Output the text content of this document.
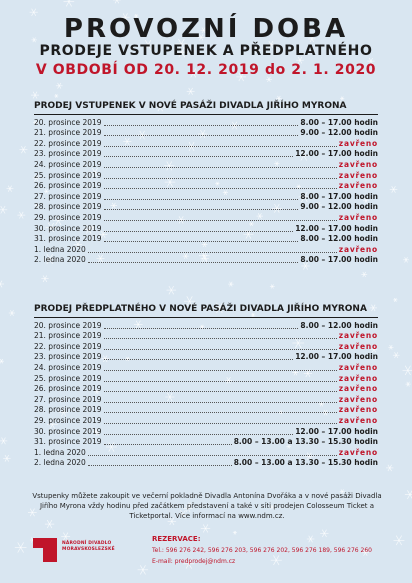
PROVOZNÍ DOBA
PRODEJE VSTUPENEK A PŘEDPLATNÉHO
V OBDOBÍ OD 20. 12. 2019 do 2. 1. 2020
PRODEJ VSTUPENEK V NOVÉ PASÁŽI DIVADLA JIŘÍHO MYRONA
20. prosince 2019	8.00 – 17.00 hodin
21. prosince 2019	9.00 – 12.00 hodin
22. prosince 2019	zavřeno
23. prosince 2019	12.00 – 17.00 hodin
24. prosince 2019	zavřeno
25. prosince 2019	zavřeno
26. prosince 2019	zavřeno
27. prosince 2019	8.00 – 17.00 hodin
28. prosince 2019	9.00 – 12.00 hodin
29. prosince 2019	zavřeno
30. prosince 2019	12.00 – 17.00 hodin
31. prosince 2019	8.00 – 12.00 hodin
1. ledna 2020	zavřeno
2. ledna 2020	8.00 – 17.00 hodin
PRODEJ PŘEDPLATNÉHO V NOVÉ PASÁŽI DIVADLA JIŘÍHO MYRONA
20. prosince 2019	8.00 – 12.00 hodin
21. prosince 2019	zavřeno
22. prosince 2019	zavřeno
23. prosince 2019	12.00 – 17.00 hodin
24. prosince 2019	zavřeno
25. prosince 2019	zavřeno
26. prosince 2019	zavřeno
27. prosince 2019	zavřeno
28. prosince 2019	zavřeno
29. prosince 2019	zavřeno
30. prosince 2019	12.00 – 17.00 hodin
31. prosince 2019	8.00 – 13.00 a 13.30 – 15.30 hodin
1. ledna 2020	zavřeno
2. ledna 2020	8.00 – 13.00 a 13.30 – 15.30 hodin
Vstupenky můžete zakoupit ve večerní pokladně Divadla Antonína Dvořáka a v nové pasáži Divadla Jiřího Myrona vždy hodinu před začátkem představení a také v síti prodejen Colosseum Ticket a Ticketportal. Více informací na www.ndm.cz.
NÁRODNÍ DIVADLO
MORAVSKOSLEZSKÉ
REZERVACE:
Tel.: 596 276 242, 596 276 203, 596 276 202, 596 276 189, 596 276 260
E-mail: predprodej@ndm.cz
